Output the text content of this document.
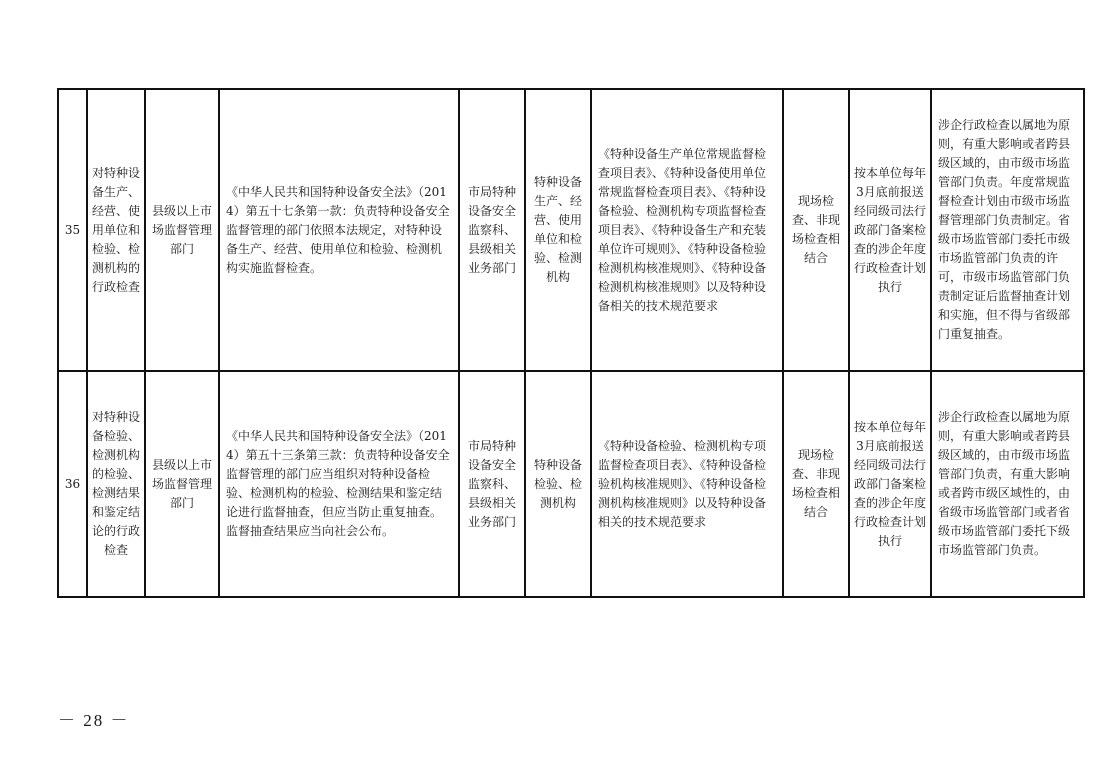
35	对特种设备生产、经营、使用单位和检验、检测机构的行政检查	县级以上市场监督管理部门	《中华人民共和国特种设备安全法》（2014）第五十七条第一款：负责特种设备安全监督管理的部门依照本法规定，对特种设备生产、经营、使用单位和检验、检测机构实施监督检查。	市局特种设备安全监察科、县级相关业务部门	特种设备生产、经营、使用单位和检验、检测机构	《特种设备生产单位常规监督检查项目表》、《特种设备使用单位常规监督检查项目表》、《特种设备检验、检测机构专项监督检查项目表》、《特种设备生产和充装单位许可规则》、《特种设备检验检测机构核准规则》、《特种设备检测机构核准规则》以及特种设备相关的技术规范要求	现场检查、非现场检查相结合	按本单位每年3月底前报送经同级司法行政部门备案检查的涉企年度行政检查计划执行	涉企行政检查以属地为原则，有重大影响或者跨县级区域的，由市级市场监管部门负责。年度常规监督检查计划由市级市场监督管理部门负责制定。省级市场监管部门委托市级市场监管部门负责的许可，市级市场监管部门负责制定证后监督抽查计划和实施，但不得与省级部门重复抽查。
36	对特种设备检验、检测机构的检验、检测结果和鉴定结论的行政检查	县级以上市场监督管理部门	《中华人民共和国特种设备安全法》（2014）第五十三条第三款：负责特种设备安全监督管理的部门应当组织对特种设备检验、检测机构的检验、检测结果和鉴定结论进行监督抽查，但应当防止重复抽查。监督抽查结果应当向社会公布。	市局特种设备安全监察科、县级相关业务部门	特种设备检验、检测机构	《特种设备检验、检测机构专项监督检查项目表》、《特种设备检验机构核准规则》、《特种设备检测机构核准规则》以及特种设备相关的技术规范要求	现场检查、非现场检查相结合	按本单位每年3月底前报送经同级司法行政部门备案检查的涉企年度行政检查计划执行	涉企行政检查以属地为原则，有重大影响或者跨县级区域的，由市级市场监管部门负责，有重大影响或者跨市级区域性的，由省级市场监管部门或者省级市场监管部门委托下级市场监管部门负责。
－ 28 －
